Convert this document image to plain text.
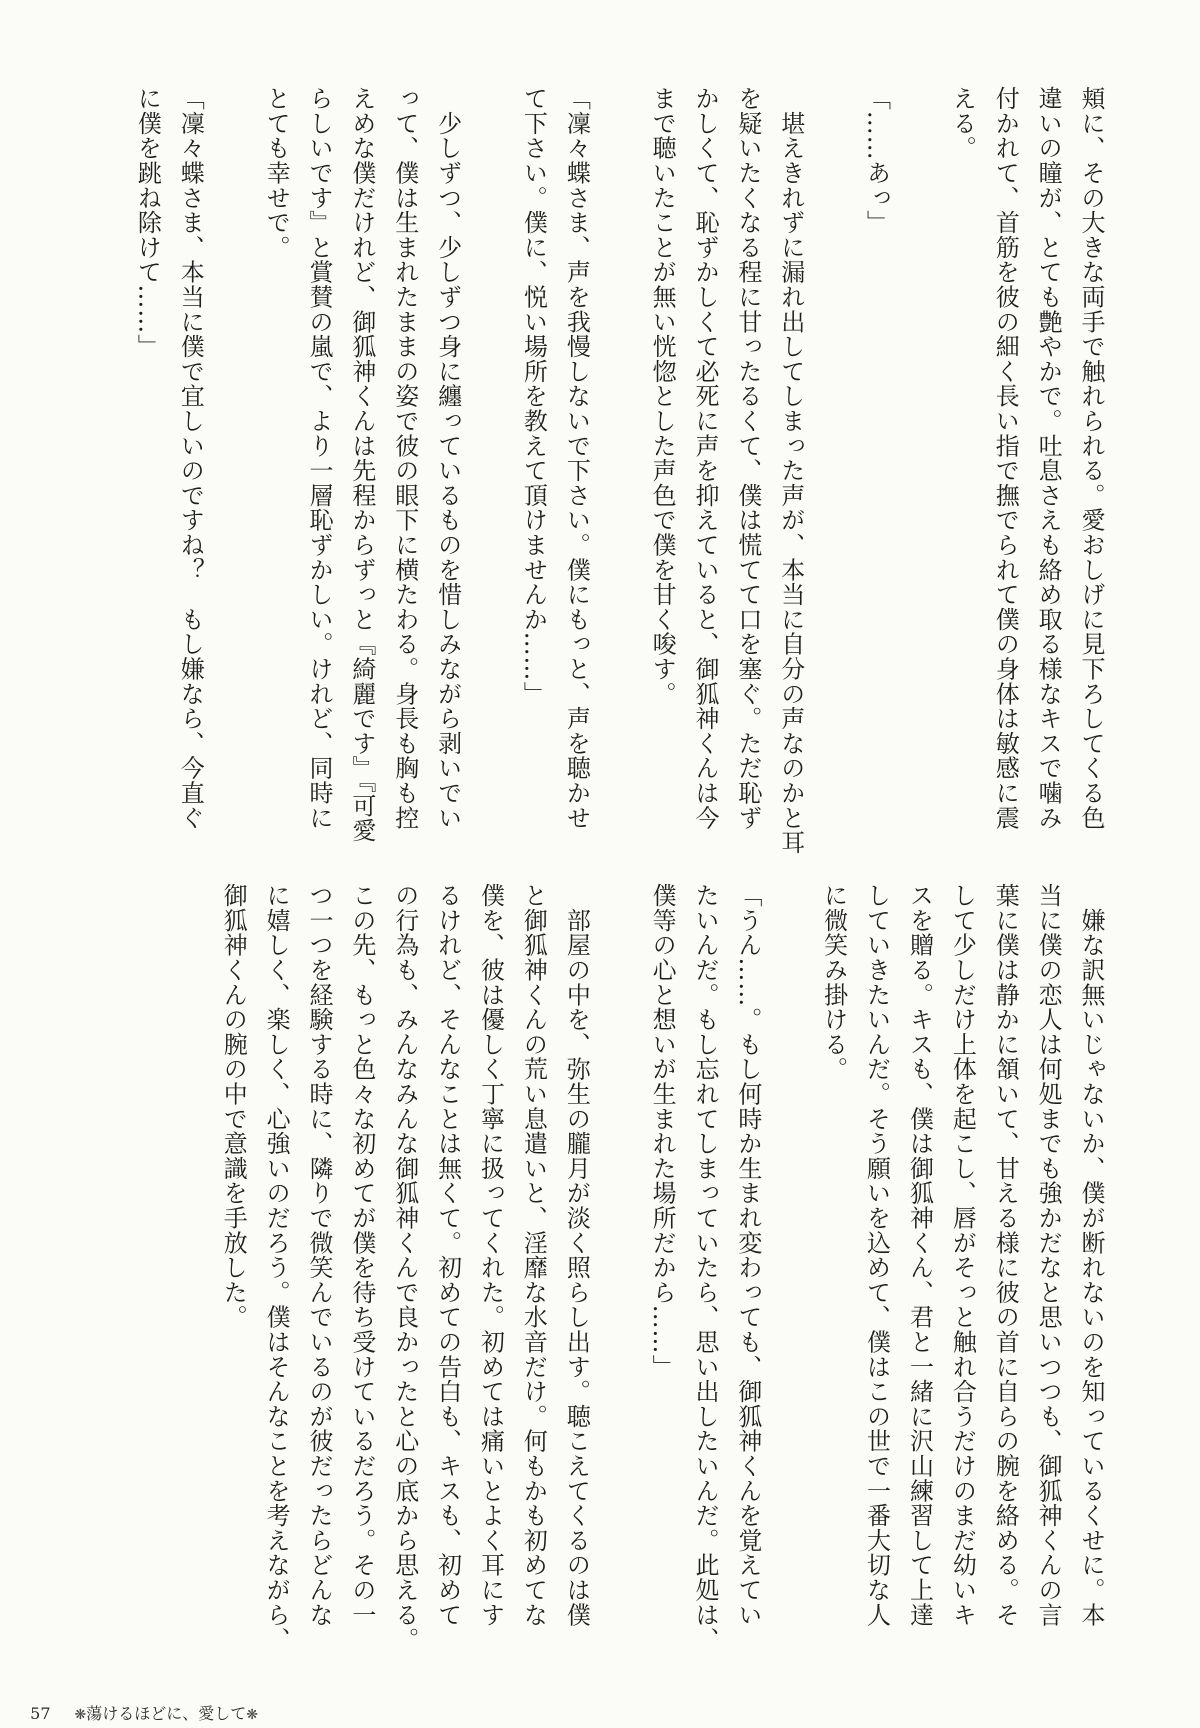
頬に、その大きな両手で触れられる。愛おしげに見下ろしてくる色
違いの瞳が、とても艶やかで。吐息さえも絡め取る様なキスで噛み
付かれて、首筋を彼の細く長い指で撫でられて僕の身体は敏感に震
える。
「……あっ」
　堪えきれずに漏れ出してしまった声が、本当に自分の声なのかと耳
を疑いたくなる程に甘ったるくて、僕は慌てて口を塞ぐ。ただ恥ず
かしくて、恥ずかしくて必死に声を抑えていると、御狐神くんは今
まで聴いたことが無い恍惚とした声色で僕を甘く唆す。
「凜々蝶さま、声を我慢しないで下さい。僕にもっと、声を聴かせ
て下さい。僕に、悦い場所を教えて頂けませんか……」
　少しずつ、少しずつ身に纏っているものを惜しみながら剥いでい
って、僕は生まれたままの姿で彼の眼下に横たわる。身長も胸も控
えめな僕だけれど、御狐神くんは先程からずっと『綺麗です』『可愛
らしいです』と賞賛の嵐で、より一層恥ずかしい。けれど、同時に
とても幸せで。
「凜々蝶さま、本当に僕で宜しいのですね？　もし嫌なら、今直ぐ
に僕を跳ね除けて……」
　嫌な訳無いじゃないか、僕が断れないのを知っているくせに。本
当に僕の恋人は何処までも強かだなと思いつつも、御狐神くんの言
葉に僕は静かに頷いて、甘える様に彼の首に自らの腕を絡める。そ
して少しだけ上体を起こし、唇がそっと触れ合うだけのまだ幼いキ
スを贈る。キスも、僕は御狐神くん、君と一緒に沢山練習して上達
していきたいんだ。そう願いを込めて、僕はこの世で一番大切な人
に微笑み掛ける。
「うん……。もし何時か生まれ変わっても、御狐神くんを覚えてい
たいんだ。もし忘れてしまっていたら、思い出したいんだ。此処は、
僕等の心と想いが生まれた場所だから……」
　部屋の中を、弥生の朧月が淡く照らし出す。聴こえてくるのは僕
と御狐神くんの荒い息遣いと、淫靡な水音だけ。何もかも初めてな
僕を、彼は優しく丁寧に扱ってくれた。初めては痛いとよく耳にす
るけれど、そんなことは無くて。初めての告白も、キスも、初めて
の行為も、みんなみんな御狐神くんで良かったと心の底から思える。
この先、もっと色々な初めてが僕を待ち受けているだろう。その一
つ一つを経験する時に、隣りで微笑んでいるのが彼だったらどんな
に嬉しく、楽しく、心強いのだろう。僕はそんなことを考えながら、
御狐神くんの腕の中で意識を手放した。

57 ❋蕩けるほどに、愛して❋
